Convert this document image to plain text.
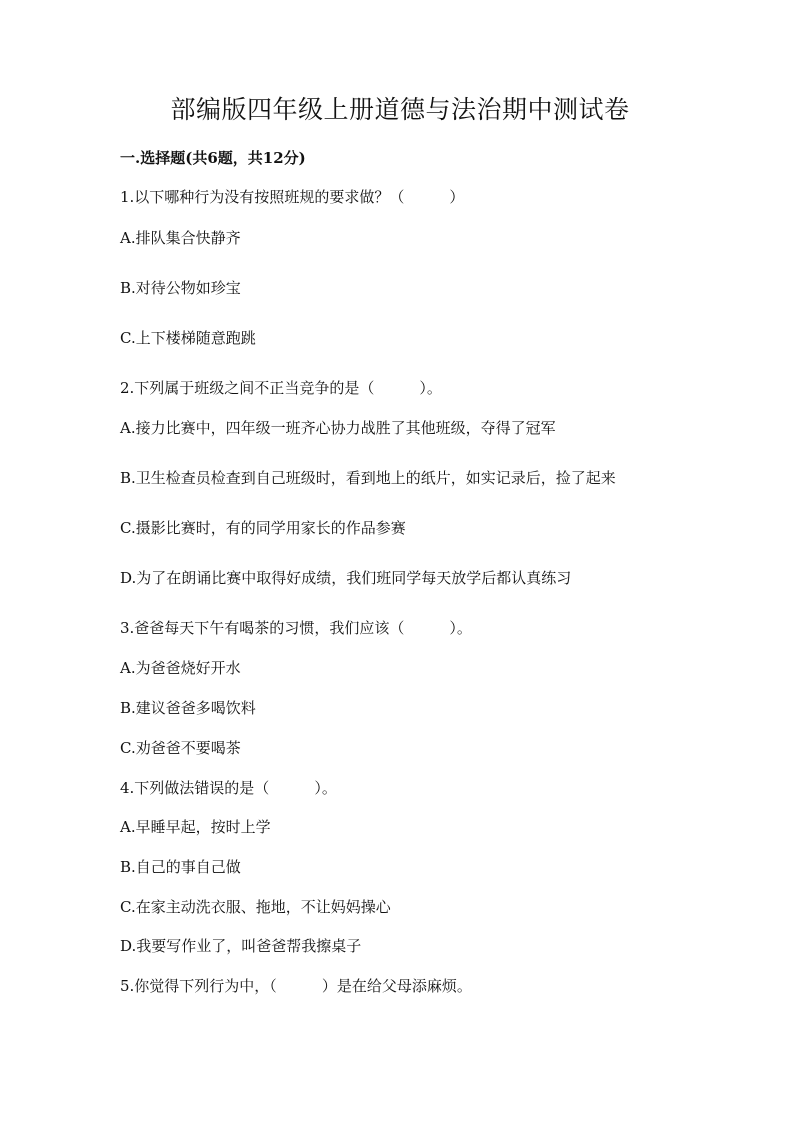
部编版四年级上册道德与法治期中测试卷
一.选择题(共6题，共12分)
1.以下哪种行为没有按照班规的要求做？（　　　）
A.排队集合快静齐
B.对待公物如珍宝
C.上下楼梯随意跑跳
2.下列属于班级之间不正当竞争的是（　　　）。
A.接力比赛中，四年级一班齐心协力战胜了其他班级，夺得了冠军
B.卫生检查员检查到自己班级时，看到地上的纸片，如实记录后，捡了起来
C.摄影比赛时，有的同学用家长的作品参赛
D.为了在朗诵比赛中取得好成绩，我们班同学每天放学后都认真练习
3.爸爸每天下午有喝茶的习惯，我们应该（　　　）。
A.为爸爸烧好开水
B.建议爸爸多喝饮料
C.劝爸爸不要喝茶
4.下列做法错误的是（　　　）。
A.早睡早起，按时上学
B.自己的事自己做
C.在家主动洗衣服、拖地，不让妈妈操心
D.我要写作业了，叫爸爸帮我擦桌子
5.你觉得下列行为中，（　　　）是在给父母添麻烦。
